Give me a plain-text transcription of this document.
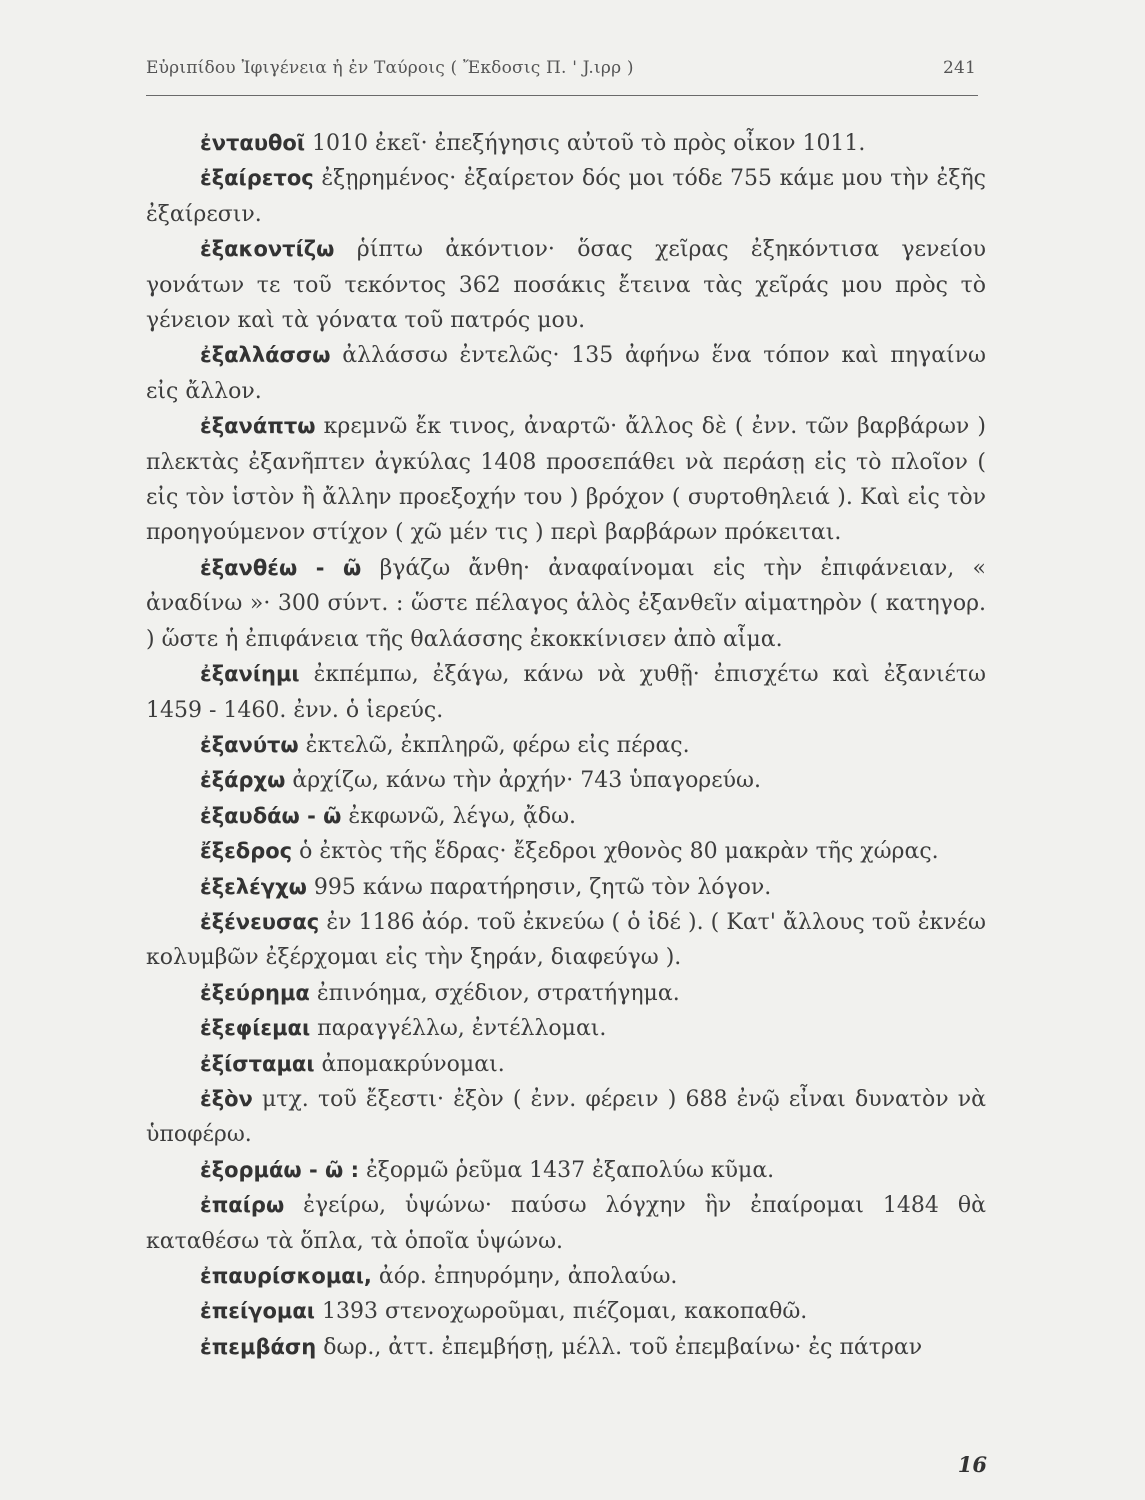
Εὐριπίδου Ἰφιγένεια ἡ ἐν Ταύροις ( Ἔκδοσις Π. ' J.ιρρ )	241
ἐνταυθοῖ 1010 ἐκεῖ· ἐπεξήγησις αὐτοῦ τὸ πρὸς οἶκον 1011.
ἐξαίρετος ἐξῃρημένος· ἐξαίρετον δός μοι τόδε 755 κάμε μου τὴν ἐξῆς ἐξαίρεσιν.
ἐξακοντίζω ῥίπτω ἀκόντιον· ὅσας χεῖρας ἐξηκόντισα γενείου γονάτων τε τοῦ τεκόντος 362 ποσάκις ἔτεινα τὰς χεῖράς μου πρὸς τὸ γένειον καὶ τὰ γόνατα τοῦ πατρός μου.
ἐξαλλάσσω ἀλλάσσω ἐντελῶς· 135 ἀφήνω ἕνα τόπον καὶ πηγαίνω εἰς ἄλλον.
ἐξανάπτω κρεμνῶ ἔκ τινος, ἀναρτῶ· ἄλλος δὲ ( ἐνν. τῶν βαρβάρων ) πλεκτὰς ἐξανῆπτεν ἀγκύλας 1408 προσεπάθει νὰ περάσῃ εἰς τὸ πλοῖον ( εἰς τὸν ἱστὸν ἢ ἄλλην προεξοχήν του ) βρόχον ( συρτοθηλειά ). Καὶ εἰς τὸν προηγούμενον στίχον ( χῶ μέν τις ) περὶ βαρβάρων πρόκειται.
ἐξανθέω - ῶ βγάζω ἄνθη· ἀναφαίνομαι εἰς τὴν ἐπιφάνειαν, « ἀναδίνω »· 300 σύντ. : ὥστε πέλαγος ἁλὸς ἐξανθεῖν αἱματηρὸν ( κατηγορ. ) ὥστε ἡ ἐπιφάνεια τῆς θαλάσσης ἐκοκκίνισεν ἀπὸ αἷμα.
ἐξανίημι ἐκπέμπω, ἐξάγω, κάνω νὰ χυθῇ· ἐπισχέτω καὶ ἐξανιέτω 1459 - 1460. ἐνν. ὁ ἱερεύς.
ἐξανύτω ἐκτελῶ, ἐκπληρῶ, φέρω εἰς πέρας.
ἐξάρχω ἀρχίζω, κάνω τὴν ἀρχήν· 743 ὑπαγορεύω.
ἐξαυδάω - ῶ ἐκφωνῶ, λέγω, ᾄδω.
ἔξεδρος ὁ ἐκτὸς τῆς ἕδρας· ἔξεδροι χθονὸς 80 μακρὰν τῆς χώρας.
ἐξελέγχω 995 κάνω παρατήρησιν, ζητῶ τὸν λόγον.
ἐξένευσας ἐν 1186 ἀόρ. τοῦ ἐκνεύω ( ὁ ἰδέ ). ( Κατ' ἄλλους τοῦ ἐκνέω κολυμβῶν ἐξέρχομαι εἰς τὴν ξηράν, διαφεύγω ).
ἐξεύρημα ἐπινόημα, σχέδιον, στρατήγημα.
ἐξεφίεμαι παραγγέλλω, ἐντέλλομαι.
ἐξίσταμαι ἀπομακρύνομαι.
ἐξὸν μτχ. τοῦ ἔξεστι· ἐξὸν ( ἐνν. φέρειν ) 688 ἐνῷ εἶναι δυνατὸν νὰ ὑποφέρω.
ἐξορμάω - ῶ : ἐξορμῶ ῥεῦμα 1437 ἐξαπολύω κῦμα.
ἐπαίρω ἐγείρω, ὑψώνω· παύσω λόγχην ἣν ἐπαίρομαι 1484 θὰ καταθέσω τὰ ὅπλα, τὰ ὁποῖα ὑψώνω.
ἐπαυρίσκομαι, ἀόρ. ἐπηυρόμην, ἀπολαύω.
ἐπείγομαι 1393 στενοχωροῦμαι, πιέζομαι, κακοπαθῶ.
ἐπεμβάση δωρ., ἀττ. ἐπεμβήσῃ, μέλλ. τοῦ ἐπεμβαίνω· ἐς πάτραν
16
